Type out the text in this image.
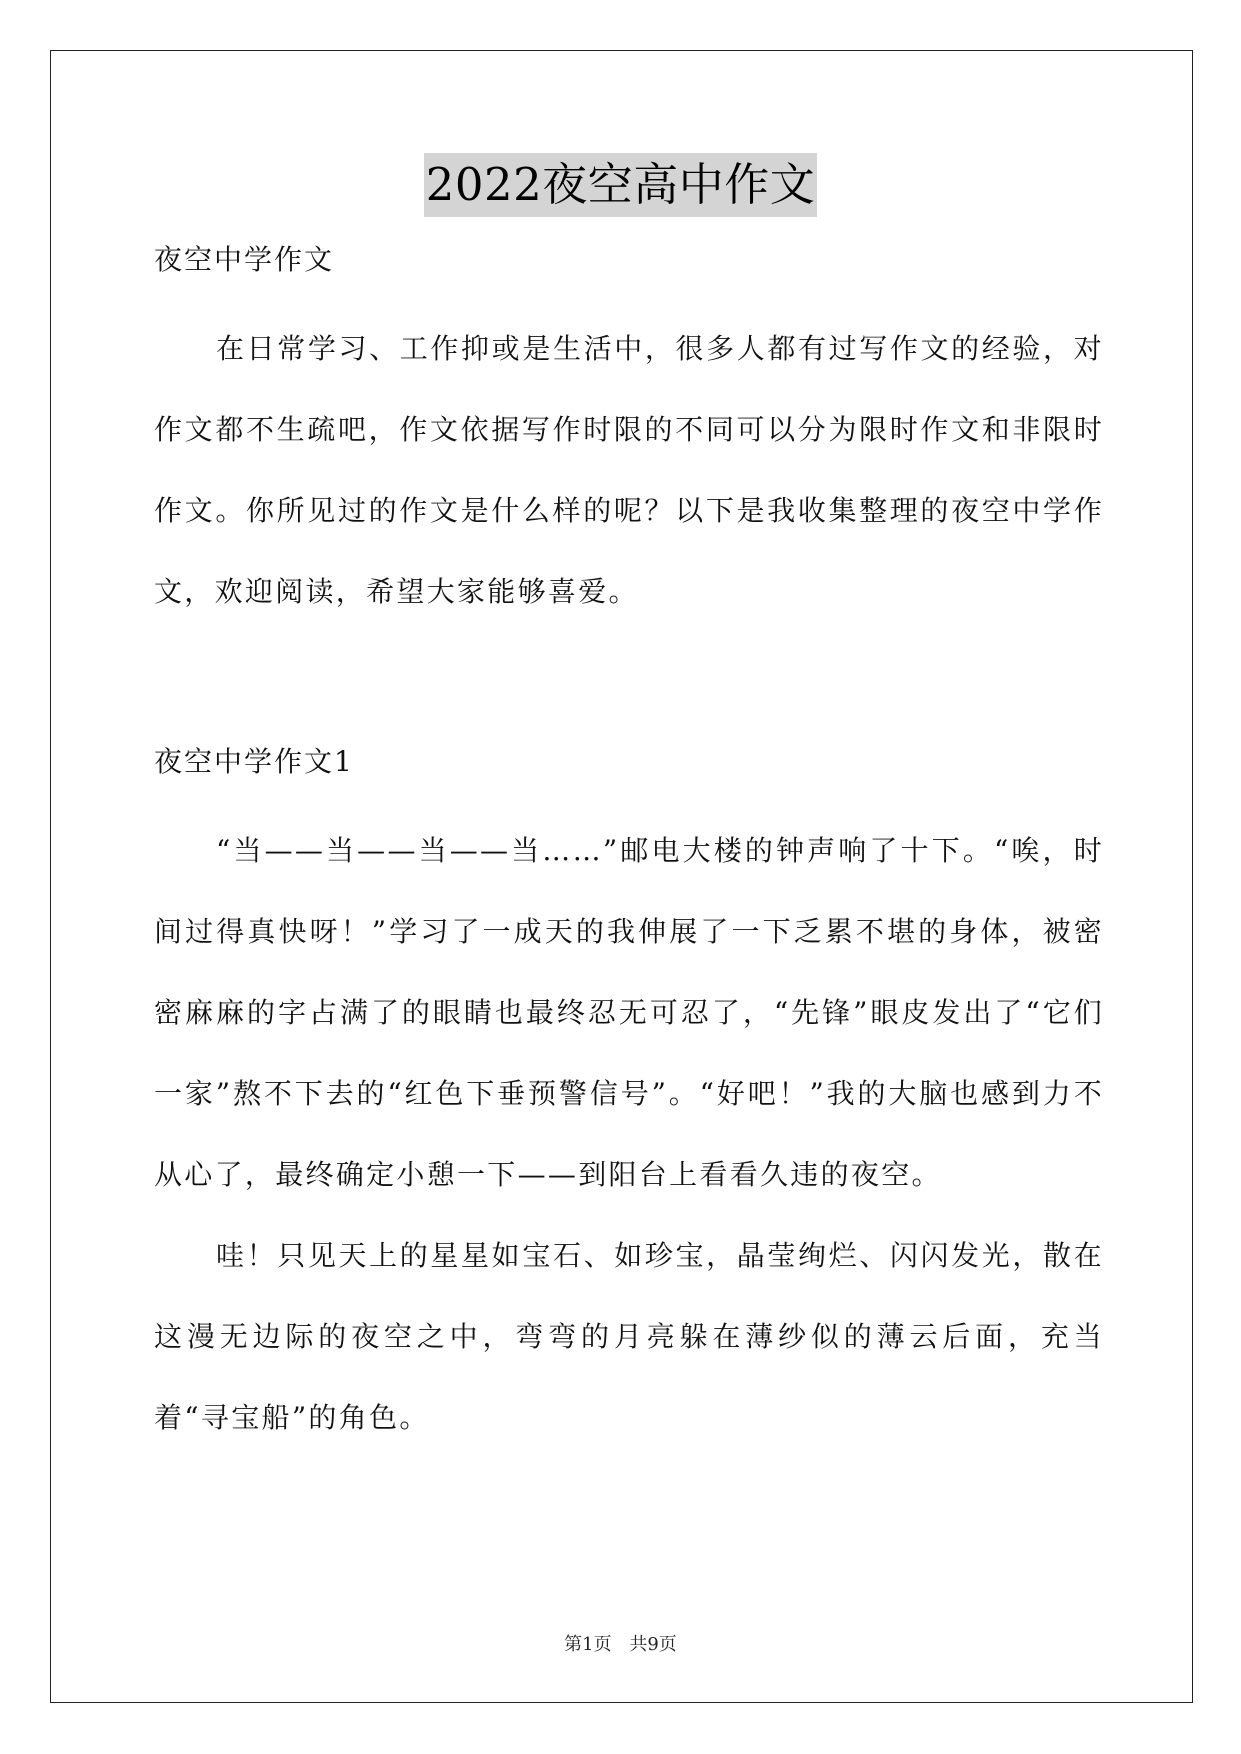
2022夜空高中作文

夜空中学作文

在日常学习、工作抑或是生活中，很多人都有过写作文的经验，对作文都不生疏吧，作文依据写作时限的不同可以分为限时作文和非限时作文。你所见过的作文是什么样的呢？以下是我收集整理的夜空中学作文，欢迎阅读，希望大家能够喜爱。

夜空中学作文1

“当——当——当——当……”邮电大楼的钟声响了十下。“唉，时间过得真快呀！”学习了一成天的我伸展了一下乏累不堪的身体，被密密麻麻的字占满了的眼睛也最终忍无可忍了，“先锋”眼皮发出了“它们一家”熬不下去的“红色下垂预警信号”。“好吧！”我的大脑也感到力不从心了，最终确定小憩一下——到阳台上看看久违的夜空。

哇！只见天上的星星如宝石、如珍宝，晶莹绚烂、闪闪发光，散在这漫无边际的夜空之中，弯弯的月亮躲在薄纱似的薄云后面，充当着“寻宝船”的角色。

第1页 共9页
